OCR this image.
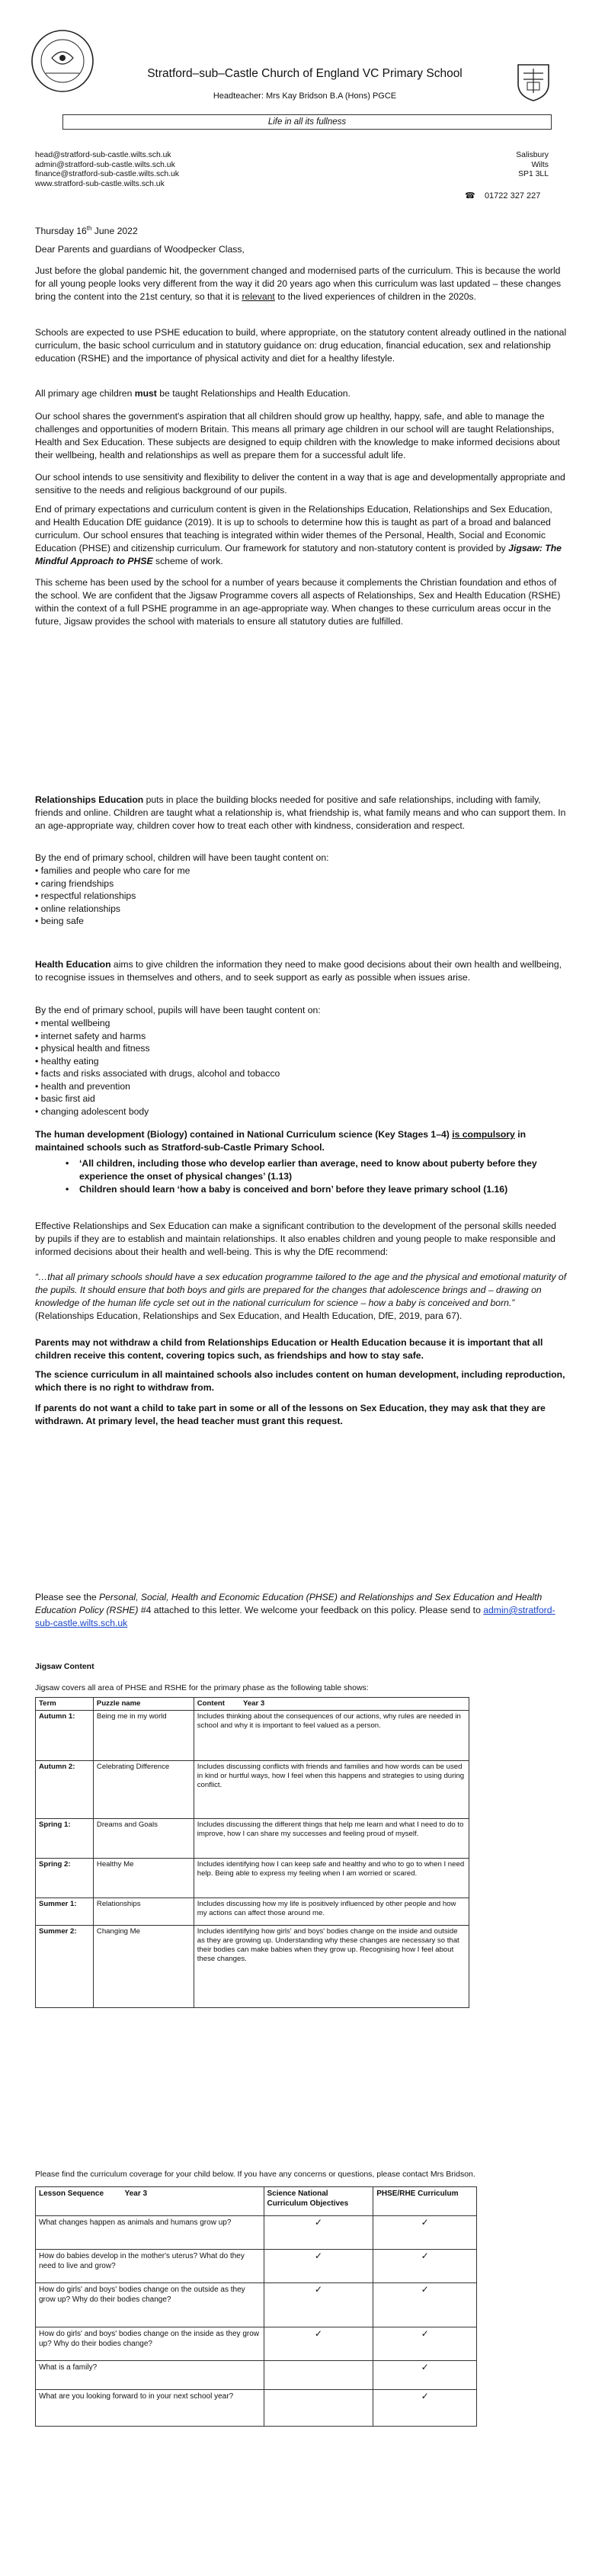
Stratford–sub–Castle Church of England VC Primary School
Headteacher: Mrs Kay Bridson B.A (Hons) PGCE
Life in all its fullness
head@stratford-sub-castle.wilts.sch.uk
admin@stratford-sub-castle.wilts.sch.uk
finance@stratford-sub-castle.wilts.sch.uk
www.stratford-sub-castle.wilts.sch.uk
Salisbury
Wilts
SP1 3LL
☎ 01722 327 227

Thursday 16th June 2022

Dear Parents and guardians of Woodpecker Class,

Just before the global pandemic hit, the government changed and modernised parts of the curriculum. This is because the world for all young people looks very different from the way it did 20 years ago when this curriculum was last updated – these changes bring the content into the 21st century, so that it is relevant to the lived experiences of children in the 2020s.

Schools are expected to use PSHE education to build, where appropriate, on the statutory content already outlined in the national curriculum, the basic school curriculum and in statutory guidance on: drug education, financial education, sex and relationship education (RSHE) and the importance of physical activity and diet for a healthy lifestyle.

All primary age children must be taught Relationships and Health Education.

Our school shares the government's aspiration that all children should grow up healthy, happy, safe, and able to manage the challenges and opportunities of modern Britain. This means all primary age children in our school will are taught Relationships, Health and Sex Education. These subjects are designed to equip children with the knowledge to make informed decisions about their wellbeing, health and relationships as well as prepare them for a successful adult life.

Our school intends to use sensitivity and flexibility to deliver the content in a way that is age and developmentally appropriate and sensitive to the needs and religious background of our pupils.

End of primary expectations and curriculum content is given in the Relationships Education, Relationships and Sex Education, and Health Education DfE guidance (2019). It is up to schools to determine how this is taught as part of a broad and balanced curriculum. Our school ensures that teaching is integrated within wider themes of the Personal, Health, Social and Economic Education (PHSE) and citizenship curriculum. Our framework for statutory and non-statutory content is provided by Jigsaw: The Mindful Approach to PHSE scheme of work.

This scheme has been used by the school for a number of years because it complements the Christian foundation and ethos of the school. We are confident that the Jigsaw Programme covers all aspects of Relationships, Sex and Health Education (RSHE) within the context of a full PSHE programme in an age-appropriate way. When changes to these curriculum areas occur in the future, Jigsaw provides the school with materials to ensure all statutory duties are fulfilled.

Relationships Education puts in place the building blocks needed for positive and safe relationships, including with family, friends and online. Children are taught what a relationship is, what friendship is, what family means and who can support them. In an age-appropriate way, children cover how to treat each other with kindness, consideration and respect.

By the end of primary school, children will have been taught content on:

• families and people who care for me
• caring friendships
• respectful relationships
• online relationships
• being safe

Health Education aims to give children the information they need to make good decisions about their own health and wellbeing, to recognise issues in themselves and others, and to seek support as early as possible when issues arise.

By the end of primary school, pupils will have been taught content on:

• mental wellbeing
• internet safety and harms
• physical health and fitness
• healthy eating
• facts and risks associated with drugs, alcohol and tobacco
• health and prevention
• basic first aid
• changing adolescent body

The human development (Biology) contained in National Curriculum science (Key Stages 1–4) is compulsory in maintained schools such as Stratford-sub-Castle Primary School.

• ‘All children, including those who develop earlier than average, need to know about puberty before they experience the onset of physical changes’ (1.13)
• Children should learn ‘how a baby is conceived and born’ before they leave primary school (1.16)

Effective Relationships and Sex Education can make a significant contribution to the development of the personal skills needed by pupils if they are to establish and maintain relationships. It also enables children and young people to make responsible and informed decisions about their health and well-being. This is why the DfE recommend:

“…that all primary schools should have a sex education programme tailored to the age and the physical and emotional maturity of the pupils. It should ensure that both boys and girls are prepared for the changes that adolescence brings and – drawing on knowledge of the human life cycle set out in the national curriculum for science – how a baby is conceived and born.” (Relationships Education, Relationships and Sex Education, and Health Education, DfE, 2019, para 67).

Parents may not withdraw a child from Relationships Education or Health Education because it is important that all children receive this content, covering topics such, as friendships and how to stay safe.

The science curriculum in all maintained schools also includes content on human development, including reproduction, which there is no right to withdraw from.

If parents do not want a child to take part in some or all of the lessons on Sex Education, they may ask that they are withdrawn. At primary level, the head teacher must grant this request.

Please see the Personal, Social, Health and Economic Education (PHSE) and Relationships and Sex Education and Health Education Policy (RSHE) #4 attached to this letter. We welcome your feedback on this policy. Please send to admin@stratford-sub-castle.wilts.sch.uk

Jigsaw Content
Jigsaw covers all area of PHSE and RSHE for the primary phase as the following table shows:
Term	Puzzle name	Content Year 3
Autumn 1:	Being me in my world	Includes thinking about the consequences of our actions, why rules are needed in school and why it is important to feel valued as a person.
Autumn 2:	Celebrating Difference	Includes discussing conflicts with friends and families and how words can be used in kind or hurtful ways, how I feel when this happens and strategies to using during conflict.
Spring 1:	Dreams and Goals	Includes discussing the different things that help me learn and what I need to do to improve, how I can share my successes and feeling proud of myself.
Spring 2:	Healthy Me	Includes identifying how I can keep safe and healthy and who to go to when I need help. Being able to express my feeling when I am worried or scared.
Summer 1:	Relationships	Includes discussing how my life is positively influenced by other people and how my actions can affect those around me.
Summer 2:	Changing Me	Includes identifying how girls' and boys' bodies change on the inside and outside as they are growing up. Understanding why these changes are necessary so that their bodies can make babies when they grow up. Recognising how I feel about these changes.
Please find the curriculum coverage for your child below. If you have any concerns or questions, please contact Mrs Bridson.
Lesson Sequence          Year 3	Science National Curriculum Objectives	PHSE/RHE Curriculum
What changes happen as animals and humans grow up?	✓	✓
How do babies develop in the mother's uterus? What do they need to live and grow?	✓	✓
How do girls' and boys' bodies change on the outside as they grow up? Why do their bodies change?	✓	✓
How do girls' and boys' bodies change on the inside as they grow up? Why do their bodies change?	✓	✓
What is a family?		✓
What are you looking forward to in your next school year?		✓
